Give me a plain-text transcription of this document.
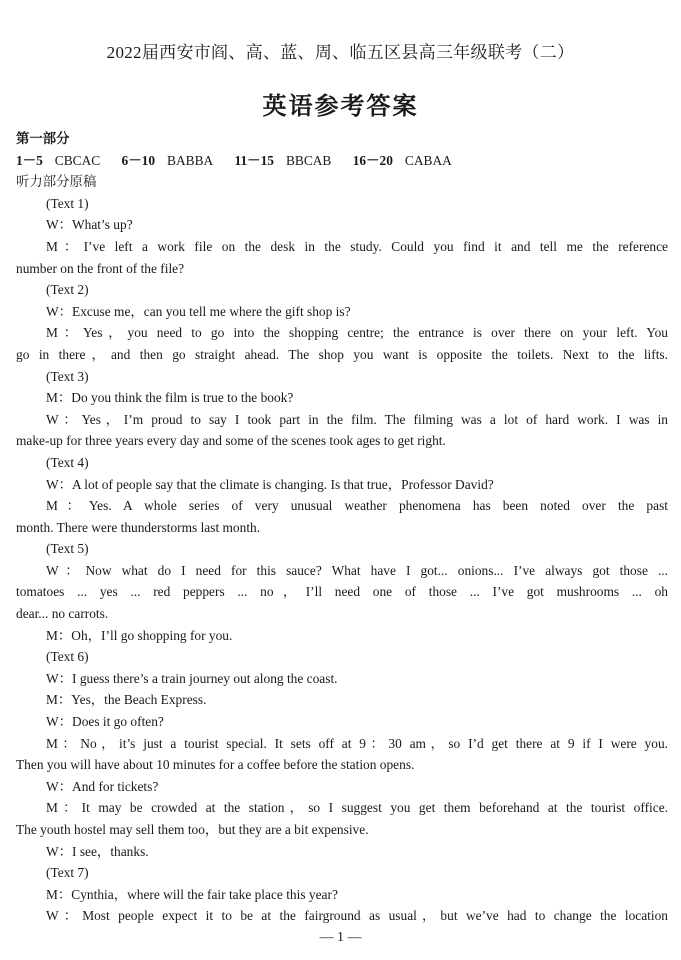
2022届西安市阎、高、蓝、周、临五区县高三年级联考（二）
英语参考答案
第一部分
1－5 CBCAC 6－10 BABBA 11－15 BBCAB 16－20 CABAA
听力部分原稿
(Text 1)
W：What’s up?
M：I’ve left a work file on the desk in the study. Could you find it and tell me the reference
number on the front of the file?
(Text 2)
W：Excuse me，can you tell me where the gift shop is?
M：Yes，you need to go into the shopping centre; the entrance is over there on your left. You
go in there，and then go straight ahead. The shop you want is opposite the toilets. Next to the lifts.
(Text 3)
M：Do you think the film is true to the book?
W：Yes，I’m proud to say I took part in the film. The filming was a lot of hard work. I was in
make-up for three years every day and some of the scenes took ages to get right.
(Text 4)
W：A lot of people say that the climate is changing. Is that true，Professor David?
M：Yes. A whole series of very unusual weather phenomena has been noted over the past
month. There were thunderstorms last month.
(Text 5)
W：Now what do I need for this sauce? What have I got... onions... I’ve always got those ...
tomatoes ... yes ... red peppers ... no，I’ll need one of those ... I’ve got mushrooms ... oh
dear... no carrots.
M：Oh，I’ll go shopping for you.
(Text 6)
W：I guess there’s a train journey out along the coast.
M：Yes，the Beach Express.
W：Does it go often?
M：No，it’s just a tourist special. It sets off at 9：30 am，so I’d get there at 9 if I were you.
Then you will have about 10 minutes for a coffee before the station opens.
W：And for tickets?
M：It may be crowded at the station，so I suggest you get them beforehand at the tourist office.
The youth hostel may sell them too，but they are a bit expensive.
W：I see，thanks.
(Text 7)
M：Cynthia，where will the fair take place this year?
W：Most people expect it to be at the fairground as usual，but we’ve had to change the location
— 1 —
